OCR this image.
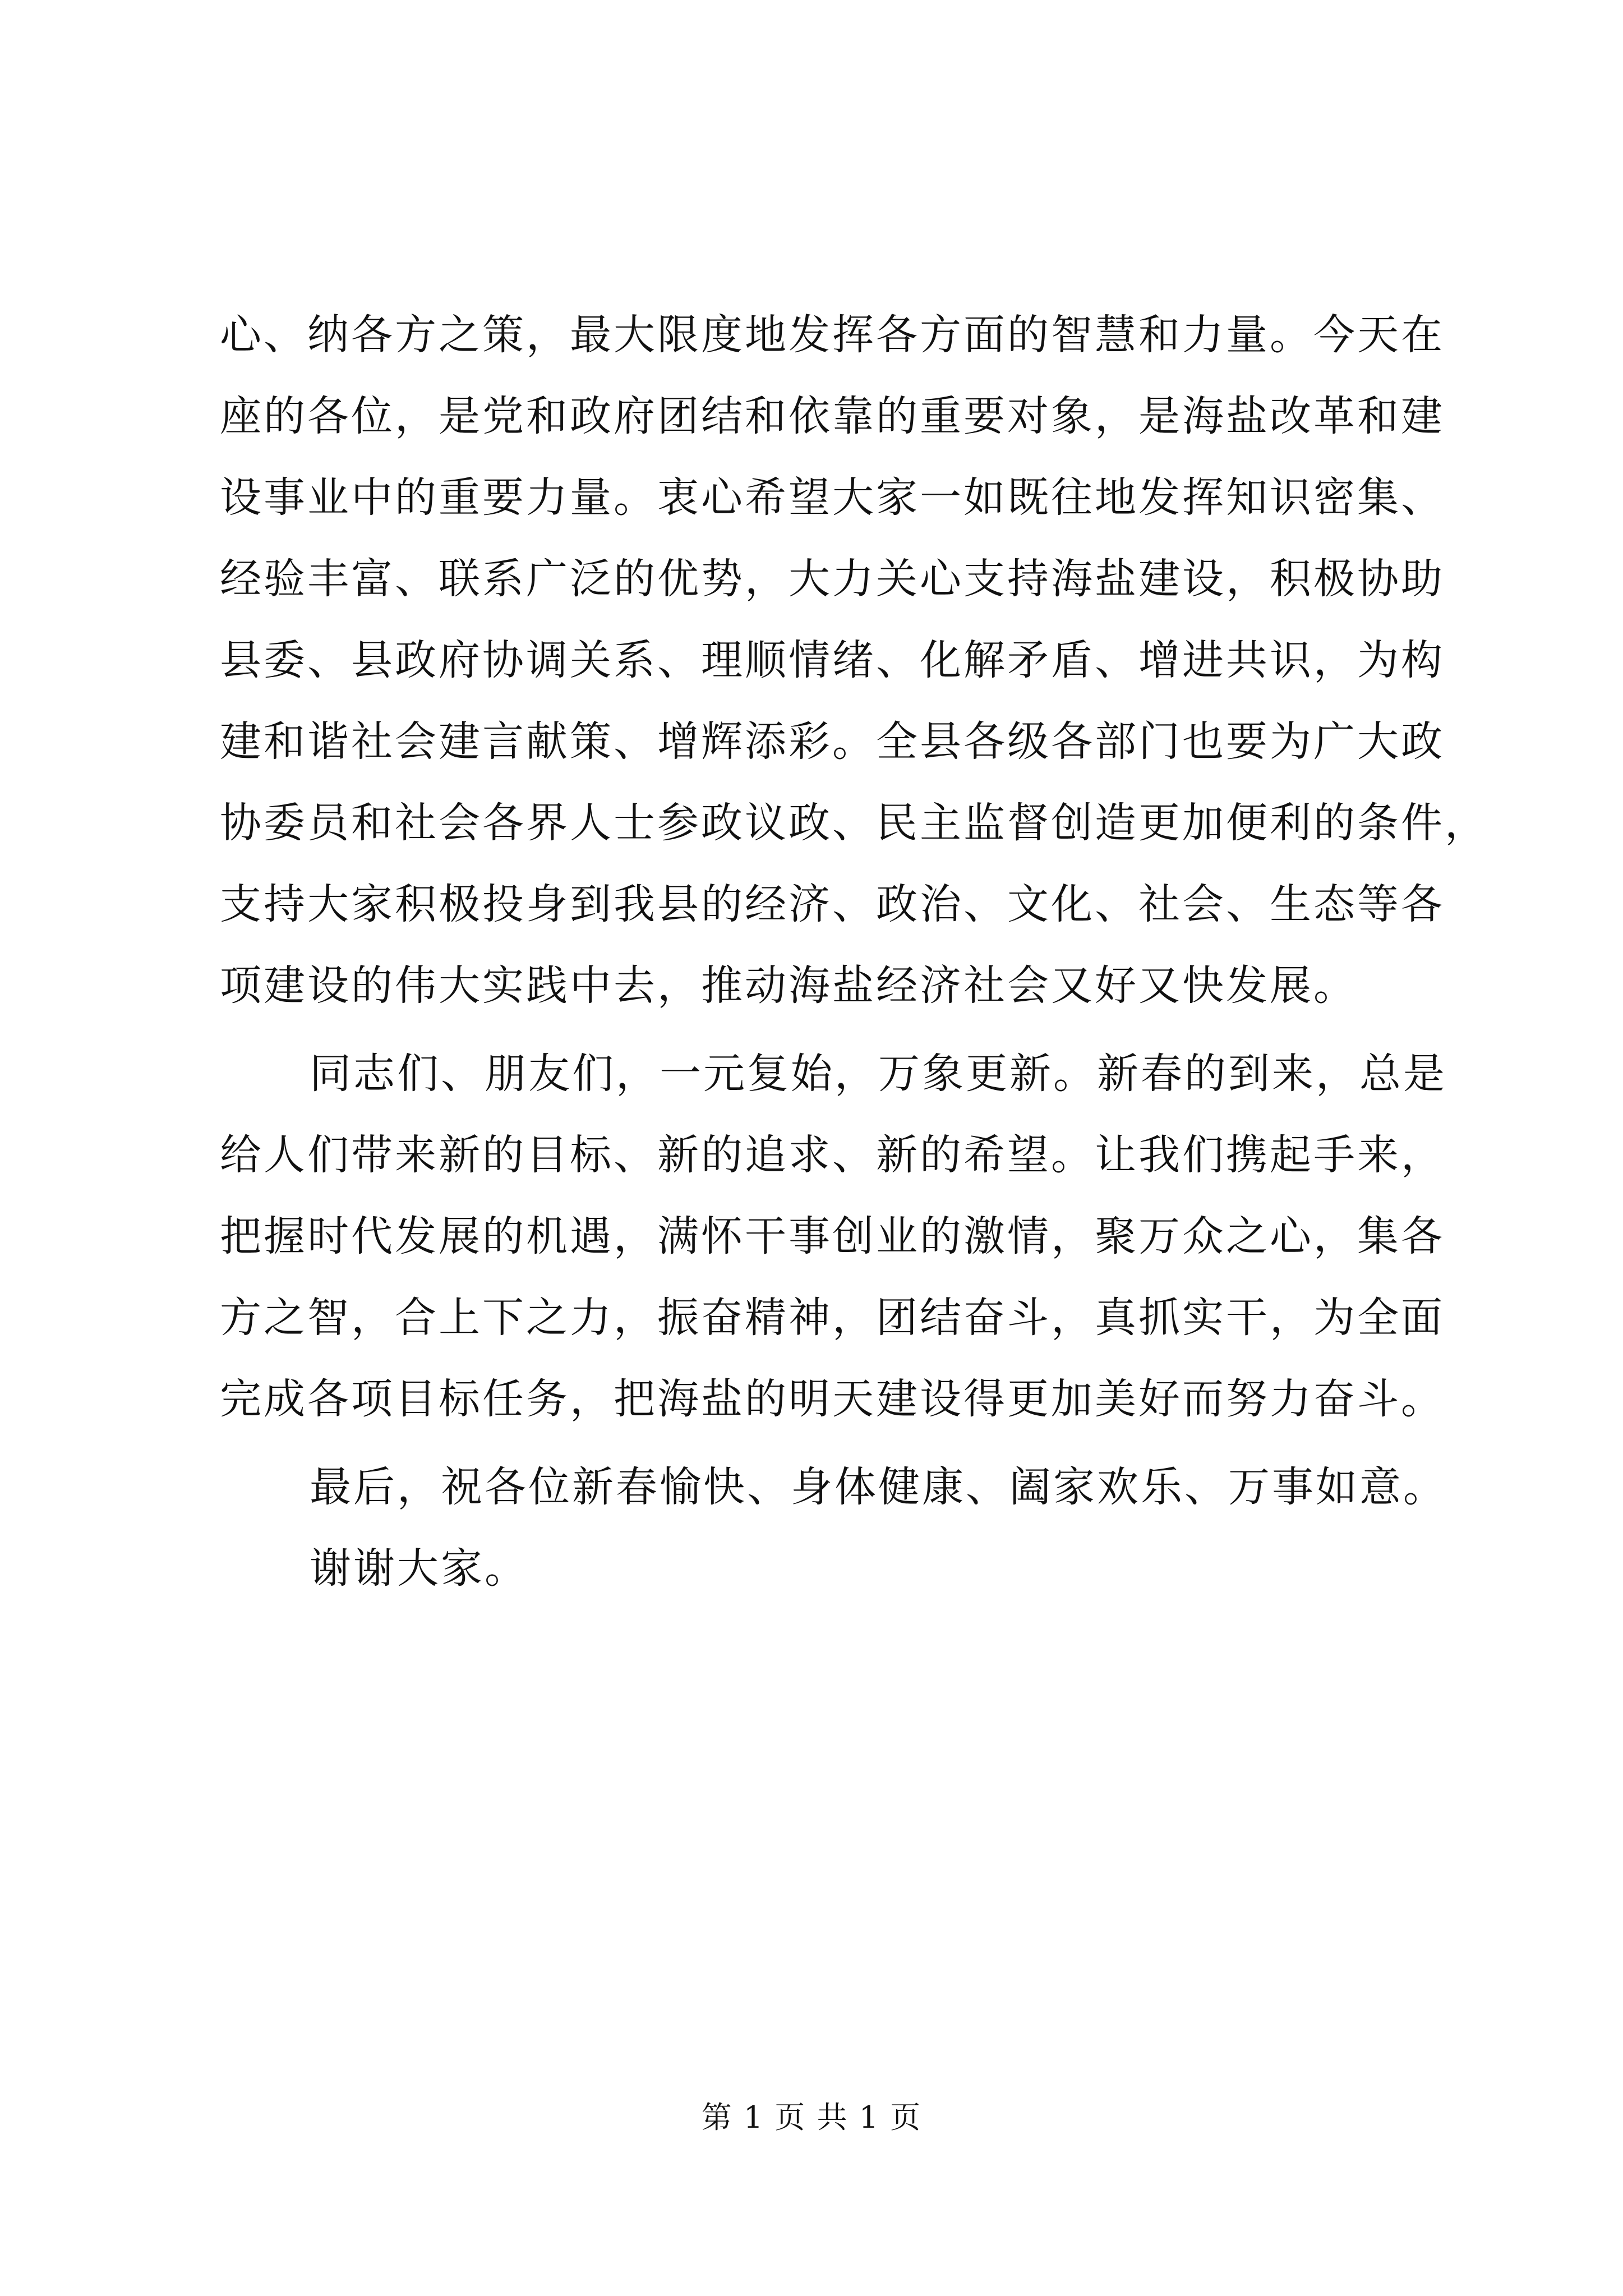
心、纳各方之策，最大限度地发挥各方面的智慧和力量。今天在
座的各位，是党和政府团结和依靠的重要对象，是海盐改革和建
设事业中的重要力量。衷心希望大家一如既往地发挥知识密集、
经验丰富、联系广泛的优势，大力关心支持海盐建设，积极协助
县委、县政府协调关系、理顺情绪、化解矛盾、增进共识，为构
建和谐社会建言献策、增辉添彩。全县各级各部门也要为广大政
协委员和社会各界人士参政议政、民主监督创造更加便利的条件，
支持大家积极投身到我县的经济、政治、文化、社会、生态等各
项建设的伟大实践中去，推动海盐经济社会又好又快发展。
同志们、朋友们，一元复始，万象更新。新春的到来，总是
给人们带来新的目标、新的追求、新的希望。让我们携起手来，
把握时代发展的机遇，满怀干事创业的激情，聚万众之心，集各
方之智，合上下之力，振奋精神，团结奋斗，真抓实干，为全面
完成各项目标任务，把海盐的明天建设得更加美好而努力奋斗。
最后，祝各位新春愉快、身体健康、阖家欢乐、万事如意。
谢谢大家。
第 1 页 共 1 页
